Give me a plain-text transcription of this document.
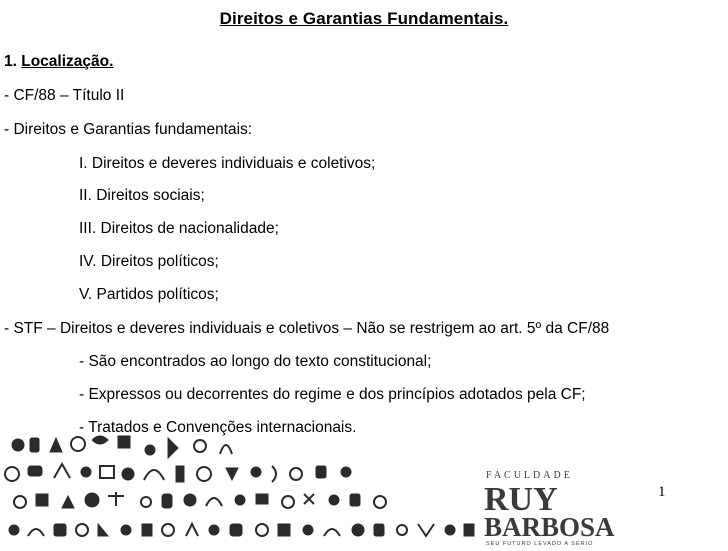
Direitos e Garantias Fundamentais.
1. Localização.
- CF/88 – Título II
- Direitos e Garantias fundamentais:
I. Direitos e deveres individuais e coletivos;
II. Direitos sociais;
III. Direitos de nacionalidade;
IV. Direitos políticos;
V. Partidos políticos;
- STF – Direitos e deveres individuais e coletivos – Não se restrigem ao art. 5º da CF/88
- São encontrados ao longo do texto constitucional;
- Expressos ou decorrentes do regime e dos princípios adotados pela CF;
- Tratados e Convenções internacionais.
FACULDADE
RUY
BARBOSA
SEU FUTURO LEVADO A SÉRIO
1
